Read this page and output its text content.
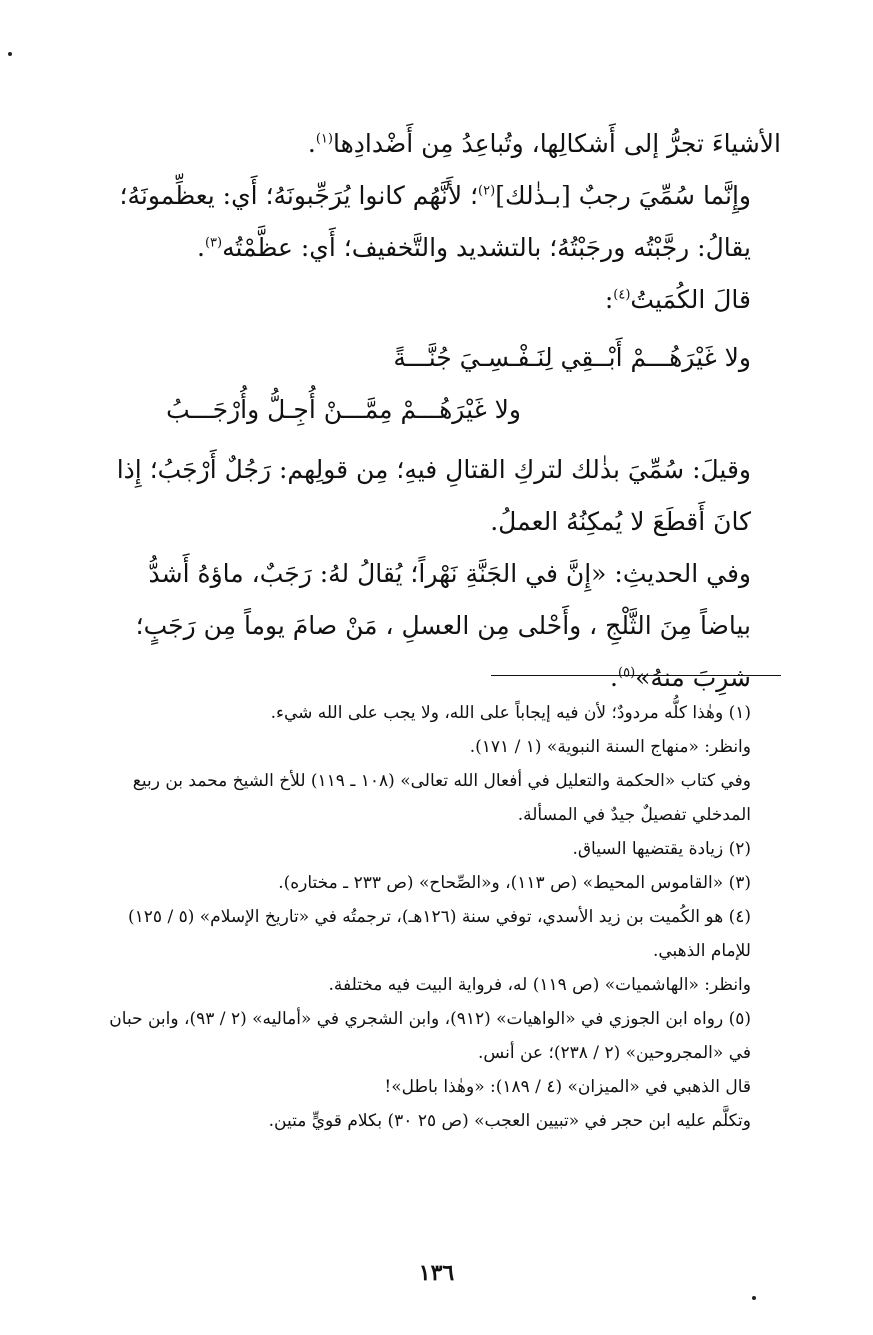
الأشياءَ تجرُّ إلى أَشكالِها، وتُباعِدُ مِن أَضْدادِها$^{(١)}$.

وإِنَّما سُمِّيَ رجبٌ [بـذٰلك]$^{(٢)}$؛ لأَنَّهُم كانوا يُرَجِّبونَهُ؛ أَي: يعظِّمونَهُ؛ يقالُ: رجَّبْتُه ورجَبْتُهُ؛ بالتشديد والتَّخفيف؛ أَي: عظَّمْتُه$^{(٣)}$.

قالَ الكُمَيتُ$^{(٤)}$:

ولا غَيْرَهُـــمْ أَبْــقِي لِنَـفْـسِـيَ جُنَّـــةً

ولا غَيْرَهُـــمْ مِمَّـــنْ أُجِـلُّ وأُرْجَـــبُ

وقيلَ: سُمِّيَ بذٰلك لتركِ القتالِ فيهِ؛ مِن قولِهم: رَجُلٌ أَرْجَبُ؛ إِذا كانَ أَقطَعَ لا يُمكِنُهُ العملُ.

وفي الحديثِ: «إِنَّ في الجَنَّةِ نَهْراً؛ يُقالُ لهُ: رَجَبٌ، ماؤهُ أَشدُّ بياضاً مِنَ الثَّلْجِ ، وأَحْلى مِن العسلِ ، مَنْ صامَ يوماً مِن رَجَبٍ؛ شرِبَ منهُ»$^{(٥)}$.

(١) وهٰذا كلُّه مردودٌ؛ لأن فيه إيجاباً على الله، ولا يجب على الله شيء.

وانظر: «منهاج السنة النبوية» (١ / ١٧١).

وفي كتاب «الحكمة والتعليل في أفعال الله تعالى» (١٠٨ ـ ١١٩) للأخ الشيخ محمد بن ربيع المدخلي تفصيلٌ جيدٌ في المسألة.

(٢) زيادة يقتضيها السياق.

(٣) «القاموس المحيط» (ص ١١٣)، و«الصِّحاح» (ص ٢٣٣ ـ مختاره).

(٤) هو الكُميت بن زيد الأسدي، توفي سنة (١٢٦هـ)، ترجمتُه في «تاريخ الإسلام» (٥ / ١٢٥) للإمام الذهبي.

وانظر: «الهاشميات» (ص ١١٩) له، فرواية البيت فيه مختلفة.

(٥) رواه ابن الجوزي في «الواهيات» (٩١٢)، وابن الشجري في «أماليه» (٢ / ٩٣)، وابن حبان في «المجروحين» (٢ / ٢٣٨)؛ عن أنس.

قال الذهبي في «الميزان» (٤ / ١٨٩): «وهٰذا باطل»!

وتكلَّم عليه ابن حجر في «تبيين العجب» (ص ٢٥ ٣٠) بكلام قويٍّ متين.

١٣٦
